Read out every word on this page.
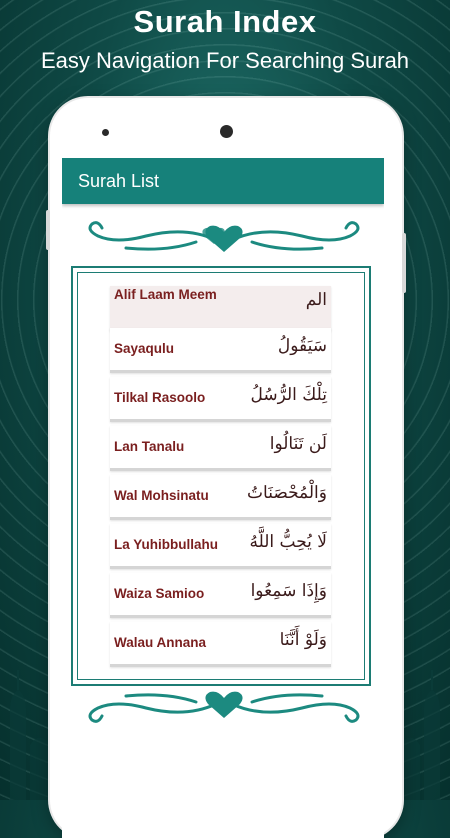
Surah Index
Easy Navigation For Searching Surah
Surah List
Alif Laam Meem	الم
Sayaqulu	سَيَقُولُ
Tilkal Rasoolo	تِلْكَ الرُّسُلُ
Lan Tanalu	لَن تَنَالُوا
Wal Mohsinatu	وَالْمُحْصَنَاتُ
La Yuhibbullahu	لَا يُحِبُّ اللَّهُ
Waiza Samioo	وَإِذَا سَمِعُوا
Walau Annana	وَلَوْ أَنَّنَا
